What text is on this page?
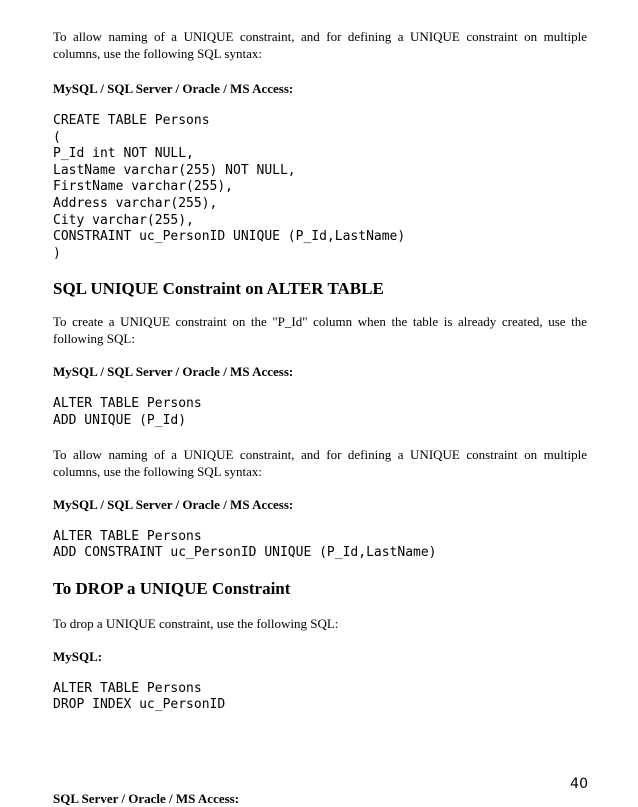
To allow naming of a UNIQUE constraint, and for defining a UNIQUE constraint on multiple columns, use the following SQL syntax:

MySQL / SQL Server / Oracle / MS Access:

CREATE TABLE Persons
(
P_Id int NOT NULL,
LastName varchar(255) NOT NULL,
FirstName varchar(255),
Address varchar(255),
City varchar(255),
CONSTRAINT uc_PersonID UNIQUE (P_Id,LastName)
)
SQL UNIQUE Constraint on ALTER TABLE

To create a UNIQUE constraint on the "P_Id" column when the table is already created, use the following SQL:

MySQL / SQL Server / Oracle / MS Access:

ALTER TABLE Persons
ADD UNIQUE (P_Id)

To allow naming of a UNIQUE constraint, and for defining a UNIQUE constraint on multiple columns, use the following SQL syntax:

MySQL / SQL Server / Oracle / MS Access:

ALTER TABLE Persons
ADD CONSTRAINT uc_PersonID UNIQUE (P_Id,LastName)
To DROP a UNIQUE Constraint

To drop a UNIQUE constraint, use the following SQL:

MySQL:

ALTER TABLE Persons
DROP INDEX uc_PersonID

SQL Server / Oracle / MS Access:

40
